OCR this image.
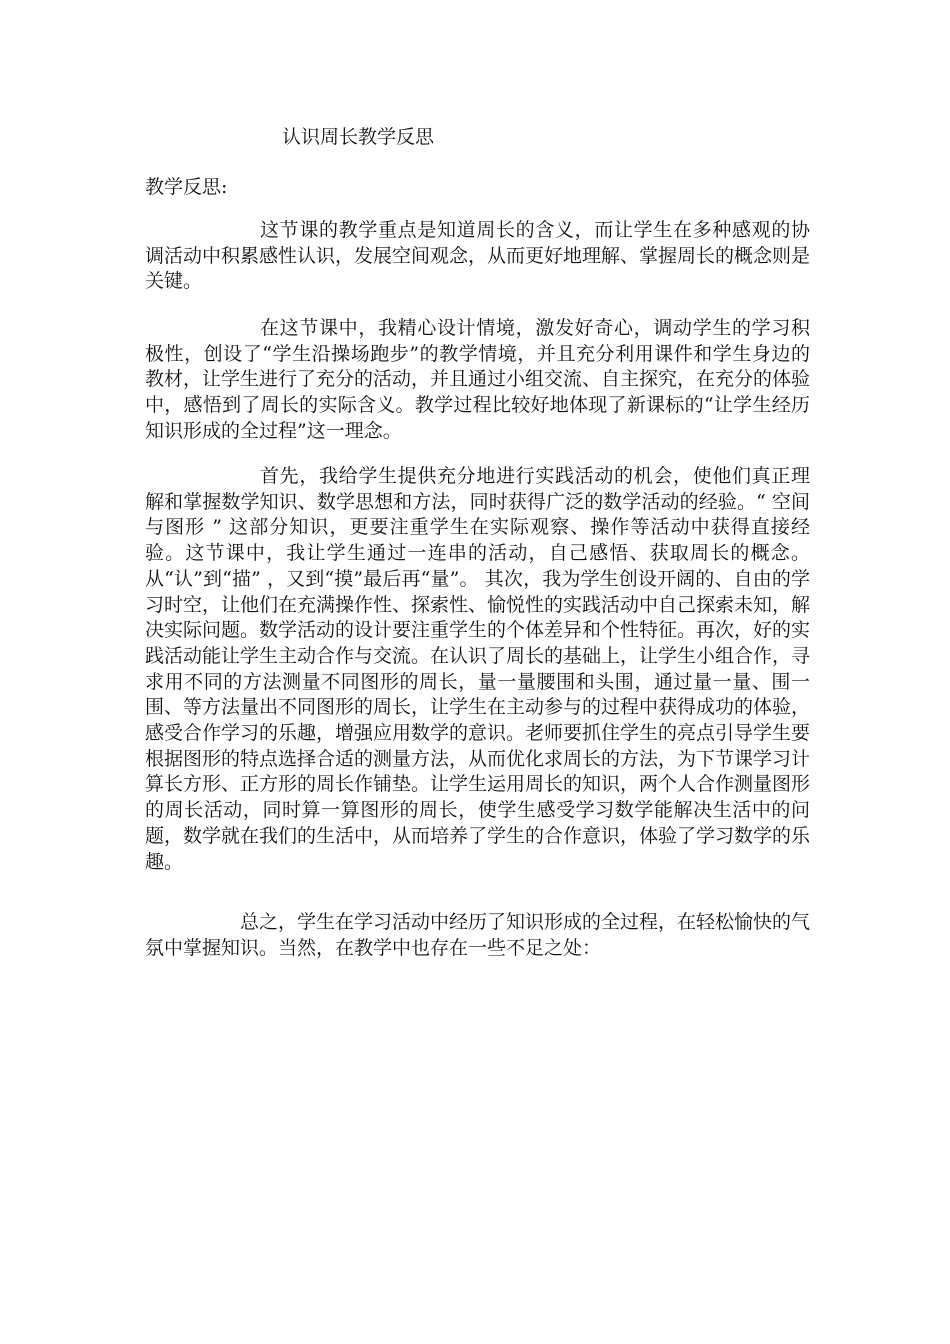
认识周长教学反思

教学反思:

这节课的教学重点是知道周长的含义，而让学生在多种感观的协调活动中积累感性认识，发展空间观念，从而更好地理解、掌握周长的概念则是关键。

在这节课中，我精心设计情境，激发好奇心，调动学生的学习积极性，创设了“学生沿操场跑步”的教学情境，并且充分利用课件和学生身边的教材，让学生进行了充分的活动，并且通过小组交流、自主探究，在充分的体验中，感悟到了周长的实际含义。教学过程比较好地体现了新课标的“让学生经历知识形成的全过程”这一理念。

首先，我给学生提供充分地进行实践活动的机会，使他们真正理解和掌握数学知识、数学思想和方法，同时获得广泛的数学活动的经验。“ 空间与图形 ” 这部分知识，更要注重学生在实际观察、操作等活动中获得直接经验。这节课中，我让学生通过一连串的活动，自己感悟、获取周长的概念。从“认”到“描” ，又到“摸”最后再“量”。 其次，我为学生创设开阔的、自由的学习时空，让他们在充满操作性、探索性、愉悦性的实践活动中自己探索未知，解决实际问题。数学活动的设计要注重学生的个体差异和个性特征。再次，好的实践活动能让学生主动合作与交流。在认识了周长的基础上，让学生小组合作，寻求用不同的方法测量不同图形的周长，量一量腰围和头围，通过量一量、围一围、等方法量出不同图形的周长，让学生在主动参与的过程中获得成功的体验，感受合作学习的乐趣，增强应用数学的意识。老师要抓住学生的亮点引导学生要根据图形的特点选择合适的测量方法，从而优化求周长的方法，为下节课学习计算长方形、正方形的周长作铺垫。让学生运用周长的知识，两个人合作测量图形的周长活动，同时算一算图形的周长，使学生感受学习数学能解决生活中的问题，数学就在我们的生活中，从而培养了学生的合作意识，体验了学习数学的乐趣。

总之，学生在学习活动中经历了知识形成的全过程，在轻松愉快的气氛中掌握知识。当然，在教学中也存在一些不足之处：
